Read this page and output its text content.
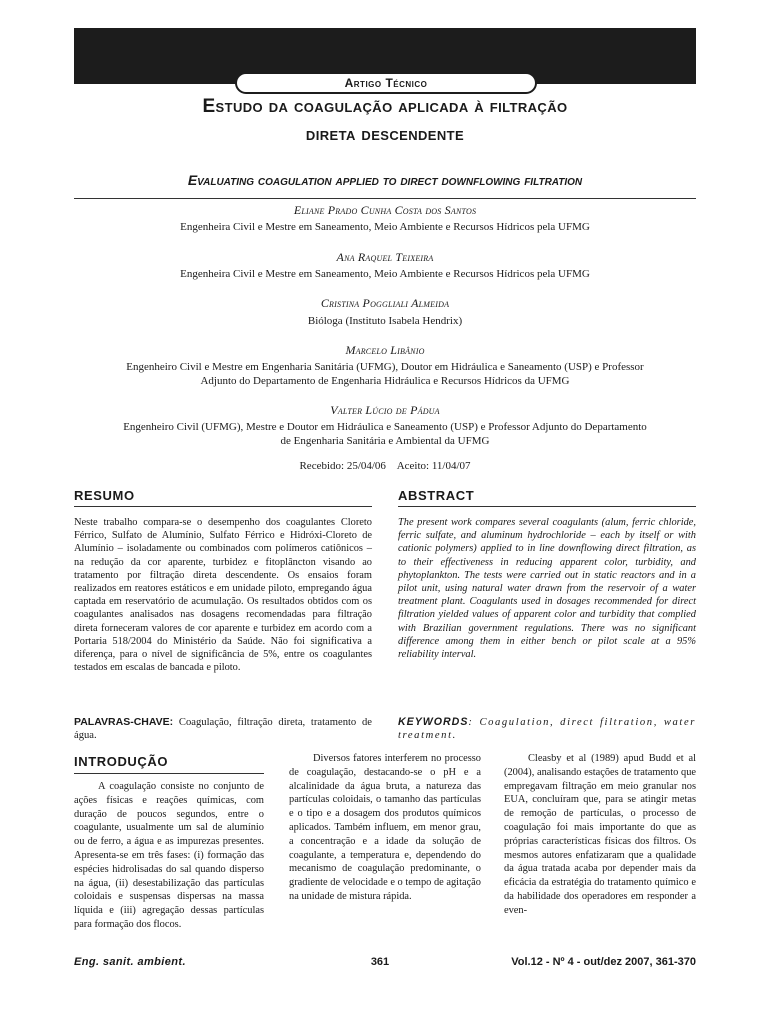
Artigo Técnico
Estudo da coagulação aplicada à filtração
direta descendente
Evaluating coagulation applied to direct downflowing filtration
Eliane Prado Cunha Costa dos Santos
Engenheira Civil e Mestre em Saneamento, Meio Ambiente e Recursos Hídricos pela UFMG
Ana Raquel Teixeira
Engenheira Civil e Mestre em Saneamento, Meio Ambiente e Recursos Hídricos pela UFMG
Cristina Poggliali Almeida
Bióloga (Instituto Isabela Hendrix)
Marcelo Libânio
Engenheiro Civil e Mestre em Engenharia Sanitária (UFMG), Doutor em Hidráulica e Saneamento (USP) e Professor
Adjunto do Departamento de Engenharia Hidráulica e Recursos Hídricos da UFMG
Valter Lúcio de Pádua
Engenheiro Civil (UFMG), Mestre e Doutor em Hidráulica e Saneamento (USP) e Professor Adjunto do Departamento
de Engenharia Sanitária e Ambiental da UFMG
Recebido: 25/04/06 Aceito: 11/04/07
RESUMO
Neste trabalho compara-se o desempenho dos coagulantes Cloreto Férrico, Sulfato de Alumínio, Sulfato Férrico e Hidróxi-Cloreto de Alumínio – isoladamente ou combinados com polímeros catiônicos – na redução da cor aparente, turbidez e fitoplâncton visando ao tratamento por filtração direta descendente. Os ensaios foram realizados em reatores estáticos e em unidade piloto, empregando água captada em reservatório de acumulação. Os resultados obtidos com os coagulantes analisados nas dosagens recomendadas para filtração direta forneceram valores de cor aparente e turbidez em acordo com a Portaria 518/2004 do Ministério da Saúde. Não foi significativa a diferença, para o nível de significância de 5%, entre os coagulantes testados em escalas de bancada e piloto.
PALAVRAS-CHAVE: Coagulação, filtração direta, tratamento de água.
ABSTRACT
The present work compares several coagulants (alum, ferric chloride, ferric sulfate, and aluminum hydrochloride – each by itself or with cationic polymers) applied to in line downflowing direct filtration, as to their effectiveness in reducing apparent color, turbidity, and phytoplankton. The tests were carried out in static reactors and in a pilot unit, using natural water drawn from the reservoir of a water treatment plant. Coagulants used in dosages recommended for direct filtration yielded values of apparent color and turbidity that complied with Brazilian government regulations. There was no significant difference among them in either bench or pilot scale at a 95% reliability interval.
KEYWORDS: Coagulation, direct filtration, water treatment.
INTRODUÇÃO
A coagulação consiste no conjunto de ações físicas e reações químicas, com duração de poucos segundos, entre o coagulante, usualmente um sal de alumínio ou de ferro, a água e as impurezas presentes. Apresenta-se em três fases: (i) formação das espécies hidrolisadas do sal quando disperso na água, (ii) desestabilização das partículas coloidais e suspensas dispersas na massa líquida e (iii) agregação dessas partículas para formação dos flocos.
Diversos fatores interferem no processo de coagulação, destacando-se o pH e a alcalinidade da água bruta, a natureza das partículas coloidais, o tamanho das partículas e o tipo e a dosagem dos produtos químicos aplicados. Também influem, em menor grau, a concentração e a idade da solução de coagulante, a temperatura e, dependendo do mecanismo de coagulação predominante, o gradiente de velocidade e o tempo de agitação na unidade de mistura rápida.
Cleasby et al (1989) apud Budd et al (2004), analisando estações de tratamento que empregavam filtração em meio granular nos EUA, concluíram que, para se atingir metas de remoção de partículas, o processo de coagulação foi mais importante do que as próprias características físicas dos filtros. Os mesmos autores enfatizaram que a qualidade da água tratada acaba por depender mais da eficácia da estratégia do tratamento químico e da habilidade dos operadores em responder a even-
Eng. sanit. ambient.	361	Vol.12 - Nº 4 - out/dez 2007, 361-370
